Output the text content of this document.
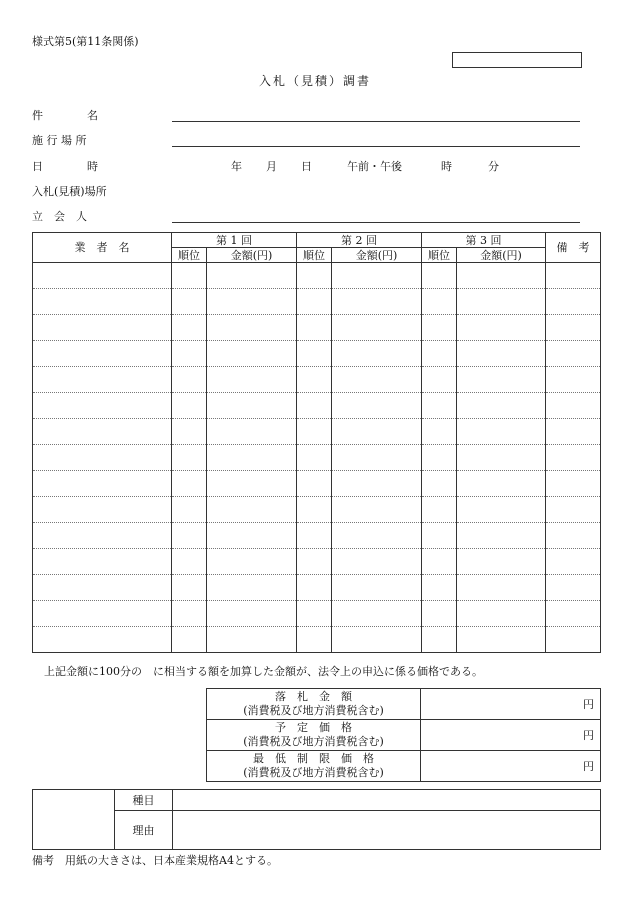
様式第5(第11条関係)
入札（見積）調書
件　　　　名
施 行 場 所
日　　　　時	年 月 日	午前・午後	時	分
入札(見積)場所
立　会　人
業　者　名	第 1 回		第 2 回		第 3 回		備　考
	順位	金額(円)	順位	金額(円)	順位	金額(円)	

上記金額に100分の　に相当する額を加算した金額が、法令上の申込に係る価格である。
落　札　金　額
(消費税及び地方消費税含む)	円

予　定　価　格
(消費税及び地方消費税含む)	円

最　低　制　限　価　格
(消費税及び地方消費税含む)	円
	種目	
	理由	
備考　用紙の大きさは、日本産業規格A4とする。
